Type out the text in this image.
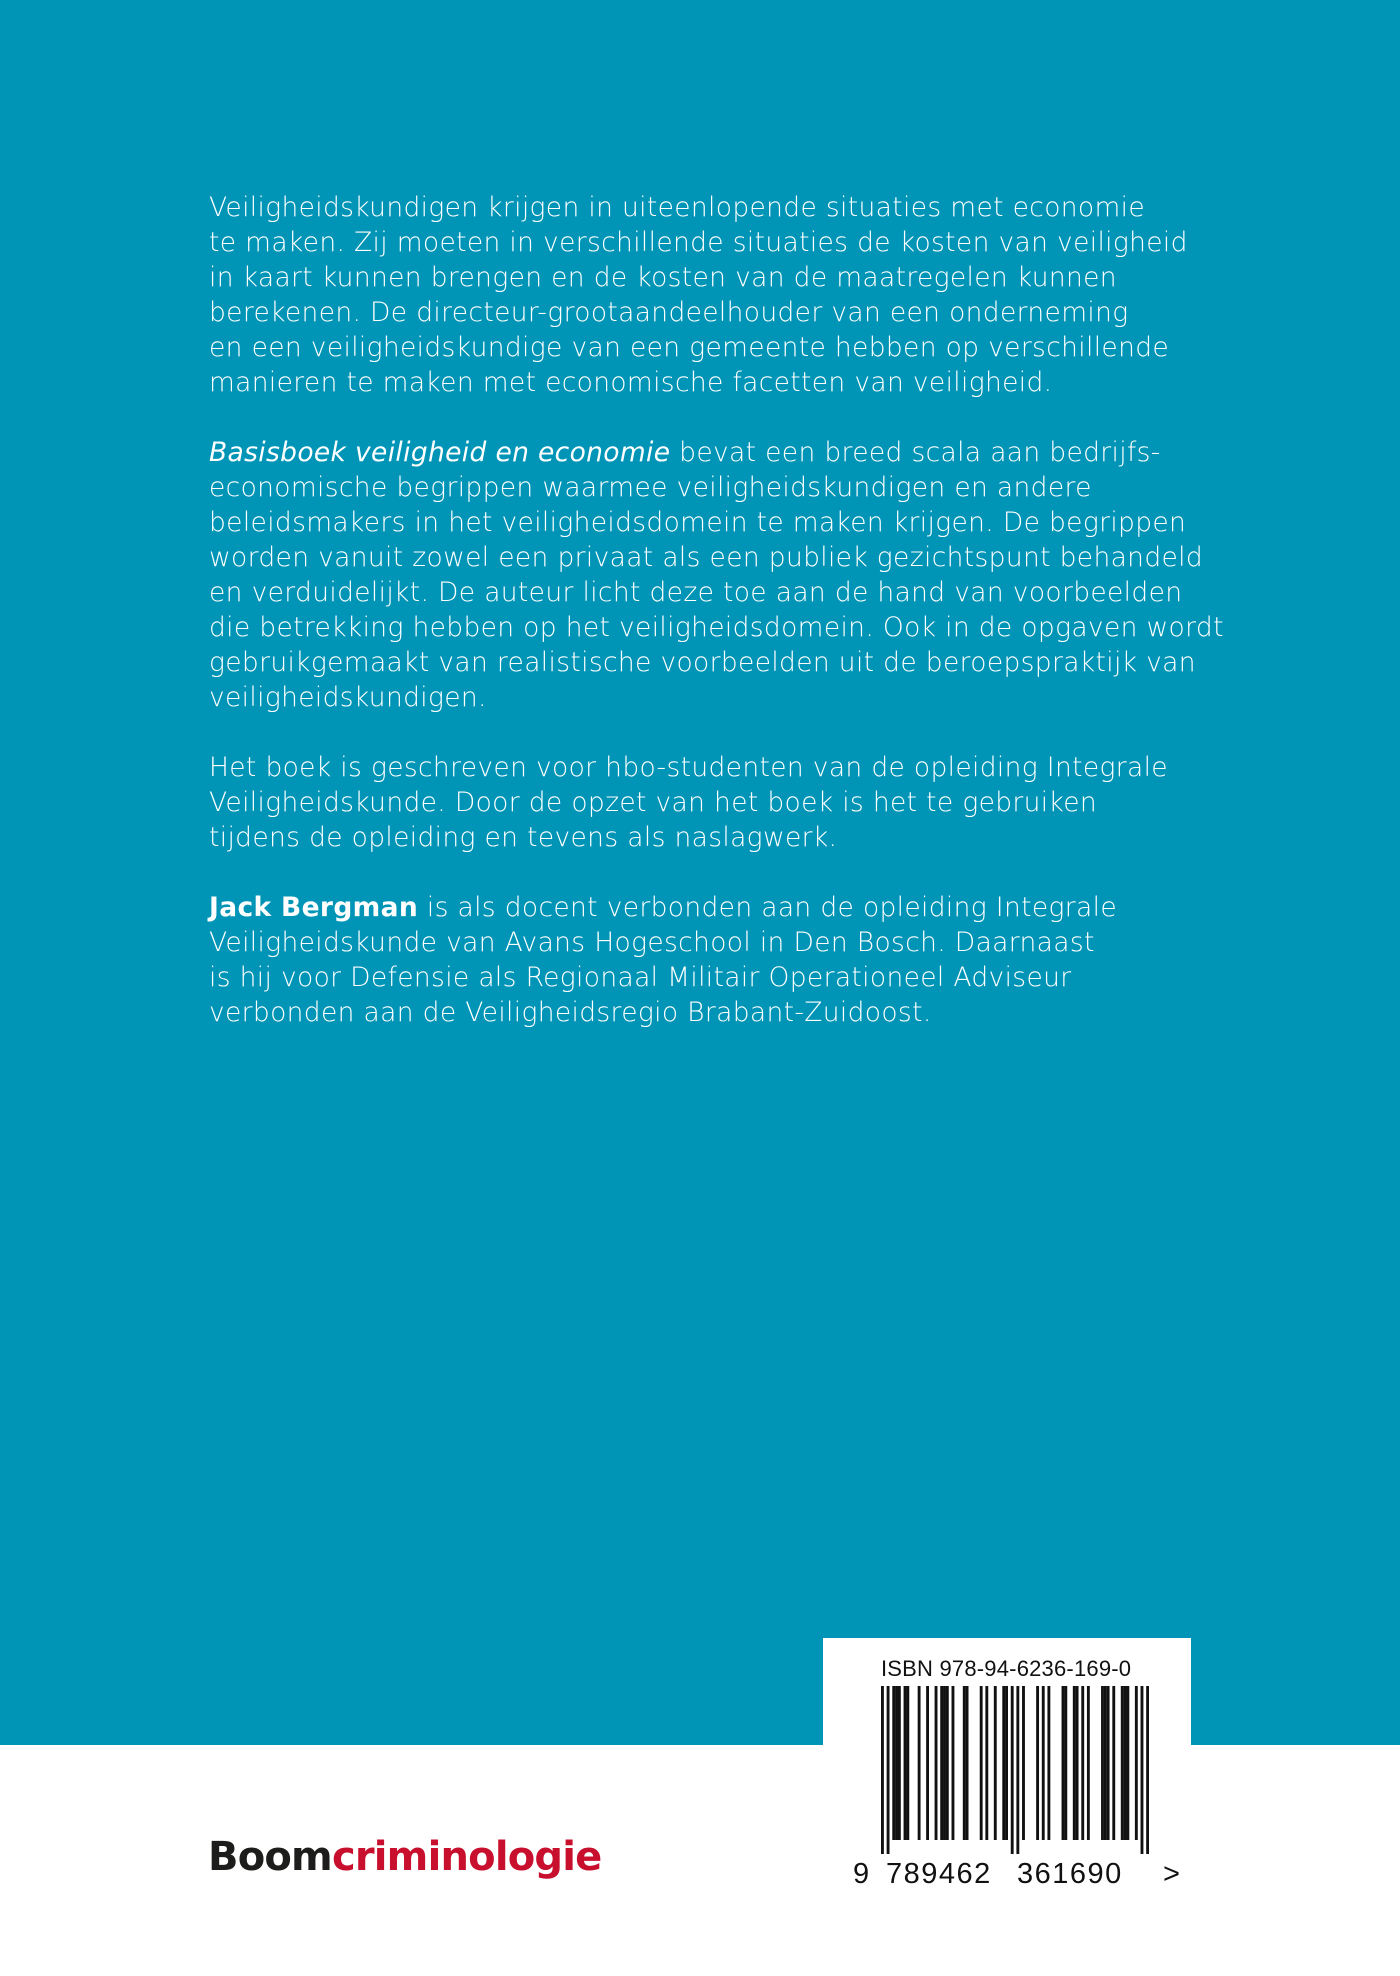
Veiligheidskundigen krijgen in uiteenlopende situaties met economie
te maken. Zij moeten in verschillende situaties de kosten van veiligheid
in kaart kunnen brengen en de kosten van de maatregelen kunnen
berekenen. De directeur-grootaandeelhouder van een onderneming
en een veiligheidskundige van een gemeente hebben op verschillende
manieren te maken met economische facetten van veiligheid.

Basisboek veiligheid en economie bevat een breed scala aan bedrijfs-
economische begrippen waarmee veiligheidskundigen en andere
beleidsmakers in het veiligheidsdomein te maken krijgen. De begrippen
worden vanuit zowel een privaat als een publiek gezichtspunt behandeld
en verduidelijkt. De auteur licht deze toe aan de hand van voorbeelden
die betrekking hebben op het veiligheidsdomein. Ook in de opgaven wordt
gebruikgemaakt van realistische voorbeelden uit de beroepspraktijk van
veiligheidskundigen.

Het boek is geschreven voor hbo-studenten van de opleiding Integrale
Veiligheidskunde. Door de opzet van het boek is het te gebruiken
tijdens de opleiding en tevens als naslagwerk.

Jack Bergman is als docent verbonden aan de opleiding Integrale
Veiligheidskunde van Avans Hogeschool in Den Bosch. Daarnaast
is hij voor Defensie als Regionaal Militair Operationeel Adviseur
verbonden aan de Veiligheidsregio Brabant-Zuidoost.

ISBN 978-94-6236-169-0
9 789462 361690 >
Boomcriminologie
